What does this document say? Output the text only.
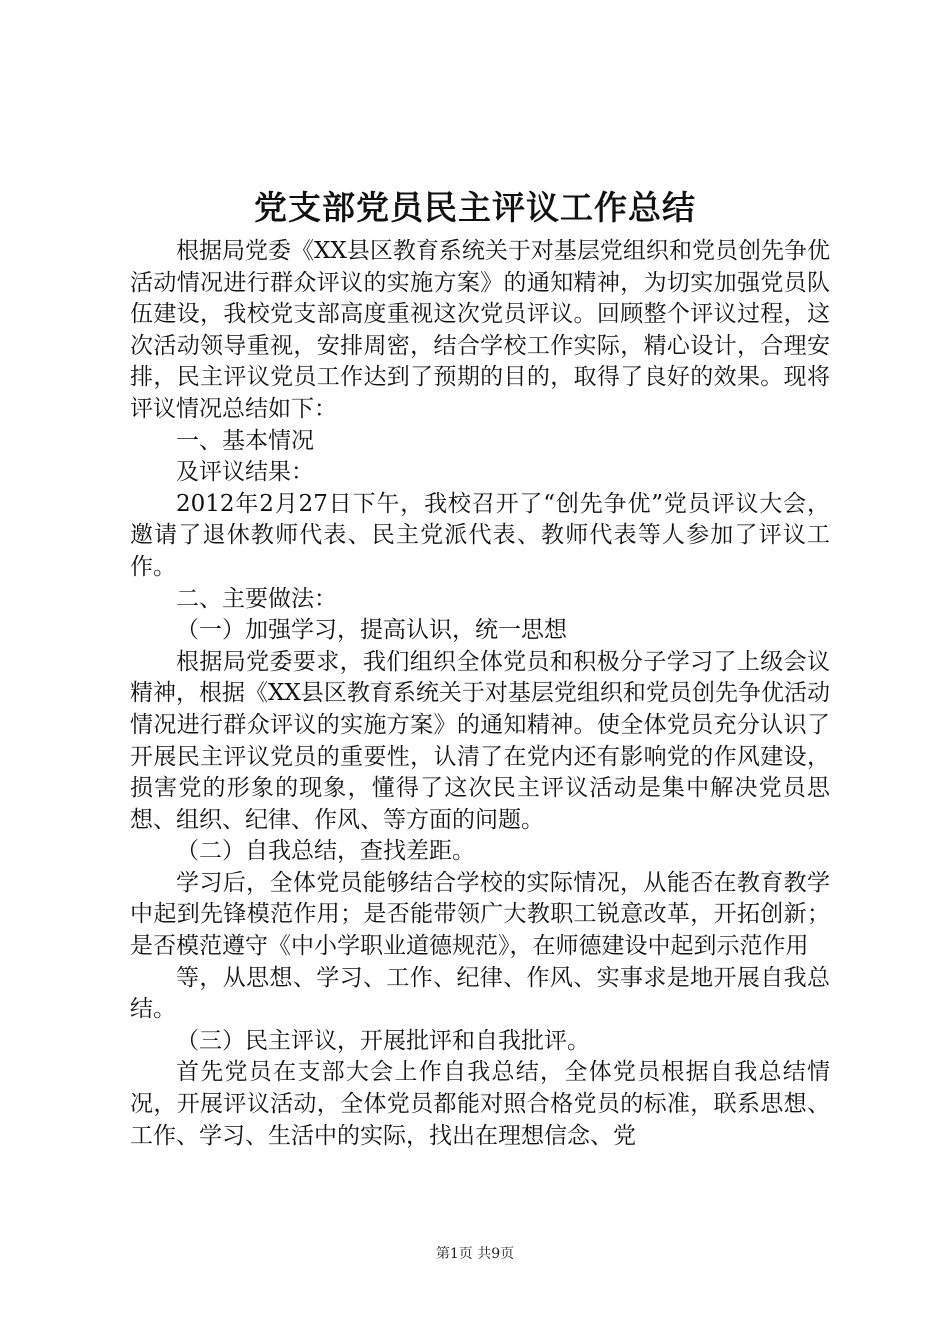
党支部党员民主评议工作总结

根据局党委《XX县区教育系统关于对基层党组织和党员创先争优活动情况进行群众评议的实施方案》的通知精神，为切实加强党员队伍建设，我校党支部高度重视这次党员评议。回顾整个评议过程，这次活动领导重视，安排周密，结合学校工作实际，精心设计，合理安排，民主评议党员工作达到了预期的目的，取得了良好的效果。现将评议情况总结如下：

一、基本情况

及评议结果：

2012年2月27日下午，我校召开了“创先争优”党员评议大会，邀请了退休教师代表、民主党派代表、教师代表等人参加了评议工作。

二、主要做法：

（一）加强学习，提高认识，统一思想

根据局党委要求，我们组织全体党员和积极分子学习了上级会议精神，根据《XX县区教育系统关于对基层党组织和党员创先争优活动情况进行群众评议的实施方案》的通知精神。使全体党员充分认识了开展民主评议党员的重要性，认清了在党内还有影响党的作风建设，损害党的形象的现象，懂得了这次民主评议活动是集中解决党员思想、组织、纪律、作风、等方面的问题。

（二）自我总结，查找差距。

学习后，全体党员能够结合学校的实际情况，从能否在教育教学中起到先锋模范作用；是否能带领广大教职工锐意改革，开拓创新；是否模范遵守《中小学职业道德规范》，在师德建设中起到示范作用

等，从思想、学习、工作、纪律、作风、实事求是地开展自我总结。

（三）民主评议，开展批评和自我批评。

首先党员在支部大会上作自我总结，全体党员根据自我总结情况，开展评议活动，全体党员都能对照合格党员的标准，联系思想、工作、学习、生活中的实际，找出在理想信念、党

第1页 共9页
